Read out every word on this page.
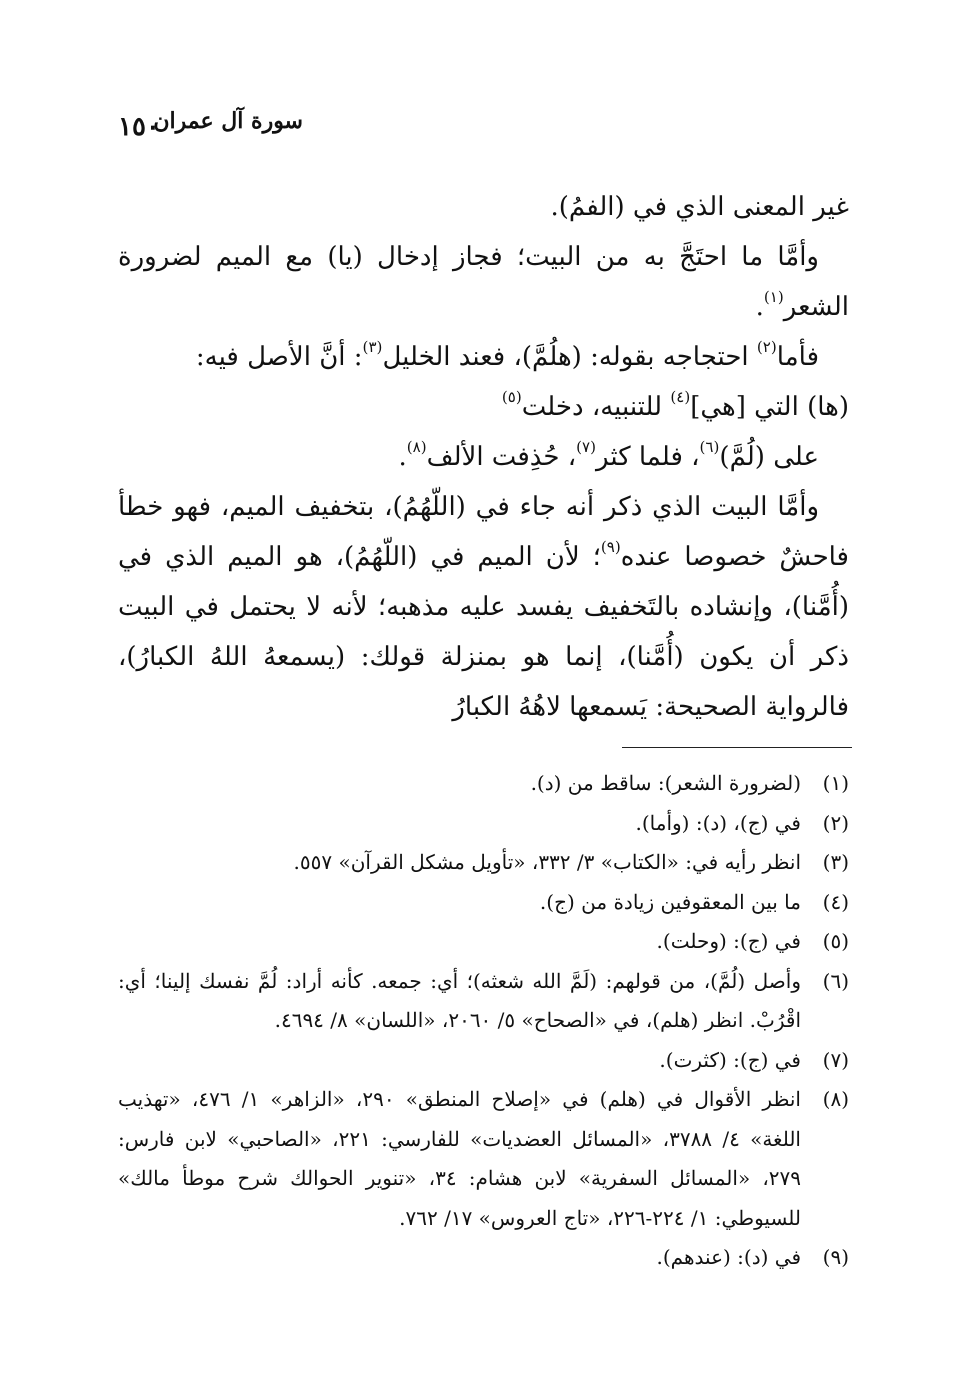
١٥٠
سورة آل عمران

غير المعنى الذي في (الفمُ).

وأمَّا ما احتَجَّ به من البيت؛ فجاز إدخال (يا) مع الميم لضرورة الشعر$^{(١)}$.

فأما$^{(٢)}$ احتجاجه بقوله: (هلُمَّ)، فعند الخليل$^{(٣)}$: أنَّ الأصل فيه:
(ها) التي [هي]$^{(٤)}$ للتنبيه، دخلت$^{(٥)}$
على (لُمَّ)$^{(٦)}$، فلما كثر$^{(٧)}$، حُذِفت الألف$^{(٨)}$.

وأمَّا البيت الذي ذكر أنه جاء في (اللّهُمُ)، بتخفيف الميم، فهو خطأ فاحشٌ خصوصا عنده$^{(٩)}$؛ لأن الميم في (اللّهُمُ)، هو الميم الذي في (أُمَّنا)، وإنشاده بالتَخفيف يفسد عليه مذهبه؛ لأنه لا يحتمل في البيت ذكر أن يكون (أُمَّنا)، إنما هو بمنزلة قولك: (يسمعهُ اللهُ الكبارُ)، فالرواية الصحيحة: يَسمعها لاهُهُ الكبارُ

(١)
(لضرورة الشعر): ساقط من (د).
(٢)
في (ج)، (د): (وأما).
(٣)
انظر رأيه في: «الكتاب» ٣/ ٣٣٢، «تأويل مشكل القرآن» ٥٥٧.
(٤)
ما بين المعقوفين زيادة من (ج).
(٥)
في (ج): (وحلت).
(٦)
وأصل (لُمَّ)، من قولهم: (لَمَّ الله شعثه)؛ أي: جمعه. كأنه أراد: لُمَّ نفسك إلينا؛ أي: اقْرُبْ. انظر (هلم)، في «الصحاح» ٥/ ٢٠٦٠، «اللسان» ٨/ ٤٦٩٤.
(٧)
في (ج): (كثرت).
(٨)
انظر الأقوال في (هلم) في «إصلاح المنطق» ٢٩٠، «الزاهر» ١/ ٤٧٦، «تهذيب اللغة» ٤/ ٣٧٨٨، «المسائل العضديات» للفارسي: ٢٢١، «الصاحبي» لابن فارس: ٢٧٩، «المسائل السفرية» لابن هشام: ٣٤، «تنوير الحوالك شرح موطأ مالك» للسيوطي: ١/ ٢٢٤-٢٢٦، «تاج العروس» ١٧/ ٧٦٢.
(٩)
في (د): (عندهم).
